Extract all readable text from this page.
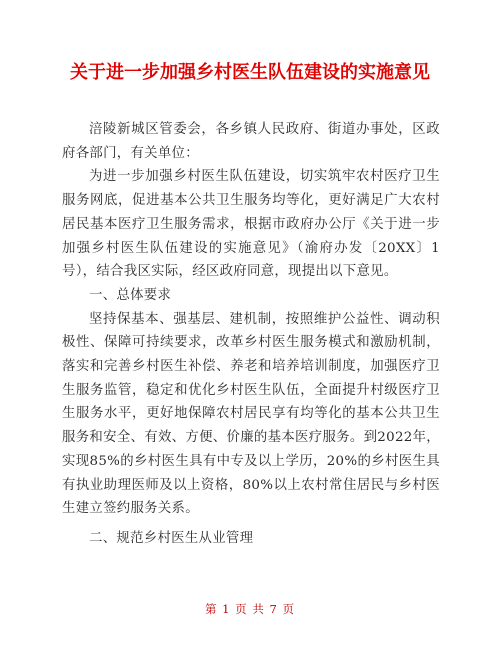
关于进一步加强乡村医生队伍建设的实施意见

涪陵新城区管委会，各乡镇人民政府、街道办事处，区政府各部门，有关单位：

为进一步加强乡村医生队伍建设，切实筑牢农村医疗卫生服务网底，促进基本公共卫生服务均等化，更好满足广大农村居民基本医疗卫生服务需求，根据市政府办公厅《关于进一步加强乡村医生队伍建设的实施意见》（渝府办发〔20XX〕1号），结合我区实际，经区政府同意，现提出以下意见。

一、总体要求

坚持保基本、强基层、建机制，按照维护公益性、调动积极性、保障可持续要求，改革乡村医生服务模式和激励机制，落实和完善乡村医生补偿、养老和培养培训制度，加强医疗卫生服务监管，稳定和优化乡村医生队伍，全面提升村级医疗卫生服务水平，更好地保障农村居民享有均等化的基本公共卫生服务和安全、有效、方便、价廉的基本医疗服务。到2022年，实现85%的乡村医生具有中专及以上学历，20%的乡村医生具有执业助理医师及以上资格，80%以上农村常住居民与乡村医生建立签约服务关系。

二、规范乡村医生从业管理

第 1 页 共 7 页
